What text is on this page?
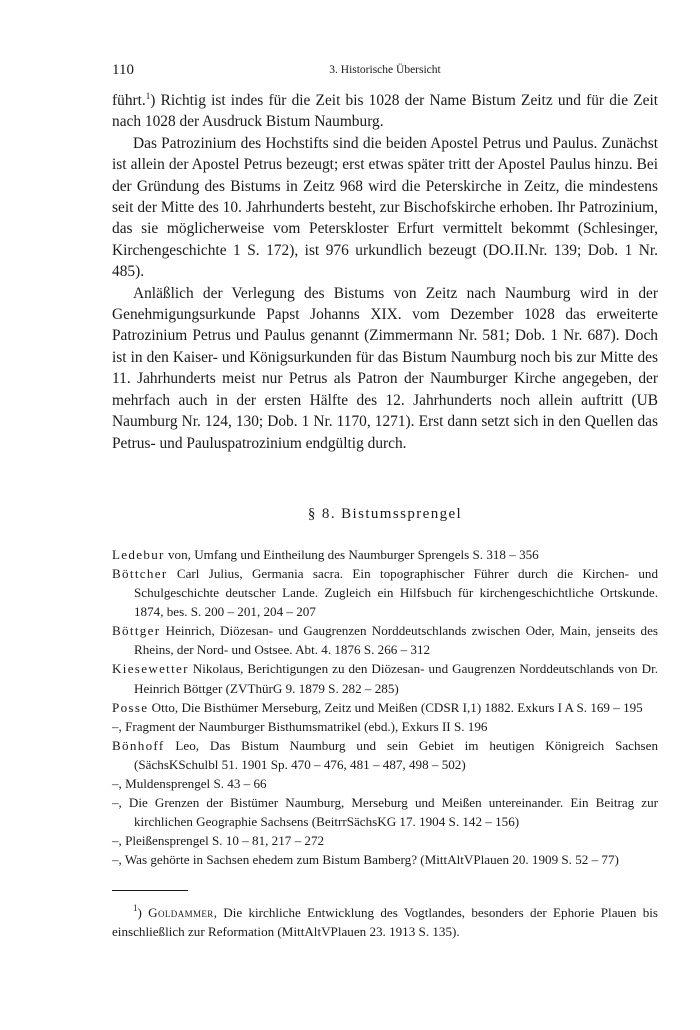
110	3. Historische Übersicht

führt.$^1$) Richtig ist indes für die Zeit bis 1028 der Name Bistum Zeitz und für die Zeit nach 1028 der Ausdruck Bistum Naumburg.

Das Patrozinium des Hochstifts sind die beiden Apostel Petrus und Paulus. Zunächst ist allein der Apostel Petrus bezeugt; erst etwas später tritt der Apostel Paulus hinzu. Bei der Gründung des Bistums in Zeitz 968 wird die Peterskirche in Zeitz, die mindestens seit der Mitte des 10. Jahrhunderts besteht, zur Bischofskirche erhoben. Ihr Patrozinium, das sie möglicherweise vom Peterskloster Erfurt vermittelt bekommt (Schlesinger, Kirchengeschichte 1 S. 172), ist 976 urkundlich bezeugt (DO.II.Nr. 139; Dob. 1 Nr. 485).

Anläßlich der Verlegung des Bistums von Zeitz nach Naumburg wird in der Genehmigungsurkunde Papst Johanns XIX. vom Dezember 1028 das erweiterte Patrozinium Petrus und Paulus genannt (Zimmermann Nr. 581; Dob. 1 Nr. 687). Doch ist in den Kaiser- und Königsurkunden für das Bistum Naumburg noch bis zur Mitte des 11. Jahrhunderts meist nur Petrus als Patron der Naumburger Kirche angegeben, der mehrfach auch in der ersten Hälfte des 12. Jahrhunderts noch allein auftritt (UB Naumburg Nr. 124, 130; Dob. 1 Nr. 1170, 1271). Erst dann setzt sich in den Quellen das Petrus- und Pauluspatrozinium endgültig durch.

§ 8. Bistumssprengel
Ledebur von, Umfang und Eintheilung des Naumburger Sprengels S. 318 – 356
Böttcher Carl Julius, Germania sacra. Ein topographischer Führer durch die Kirchen- und Schulgeschichte deutscher Lande. Zugleich ein Hilfsbuch für kirchengeschichtliche Ortskunde. 1874, bes. S. 200 – 201, 204 – 207
Böttger Heinrich, Diözesan- und Gaugrenzen Norddeutschlands zwischen Oder, Main, jenseits des Rheins, der Nord- und Ostsee. Abt. 4. 1876 S. 266 – 312
Kiesewetter Nikolaus, Berichtigungen zu den Diözesan- und Gaugrenzen Norddeutschlands von Dr. Heinrich Böttger (ZVThürG 9. 1879 S. 282 – 285)
Posse Otto, Die Bisthümer Merseburg, Zeitz und Meißen (CDSR I,1) 1882. Exkurs I A S. 169 – 195
–, Fragment der Naumburger Bisthumsmatrikel (ebd.), Exkurs II S. 196
Bönhoff Leo, Das Bistum Naumburg und sein Gebiet im heutigen Königreich Sachsen (SächsKSchulbl 51. 1901 Sp. 470 – 476, 481 – 487, 498 – 502)
–, Muldensprengel S. 43 – 66
–, Die Grenzen der Bistümer Naumburg, Merseburg und Meißen untereinander. Ein Beitrag zur kirchlichen Geographie Sachsens (BeitrrSächsKG 17. 1904 S. 142 – 156)
–, Pleißensprengel S. 10 – 81, 217 – 272
–, Was gehörte in Sachsen ehedem zum Bistum Bamberg? (MittAltVPlauen 20. 1909 S. 52 – 77)
$^1$) Goldammer, Die kirchliche Entwicklung des Vogtlandes, besonders der Ephorie Plauen bis einschließlich zur Reformation (MittAltVPlauen 23. 1913 S. 135).
